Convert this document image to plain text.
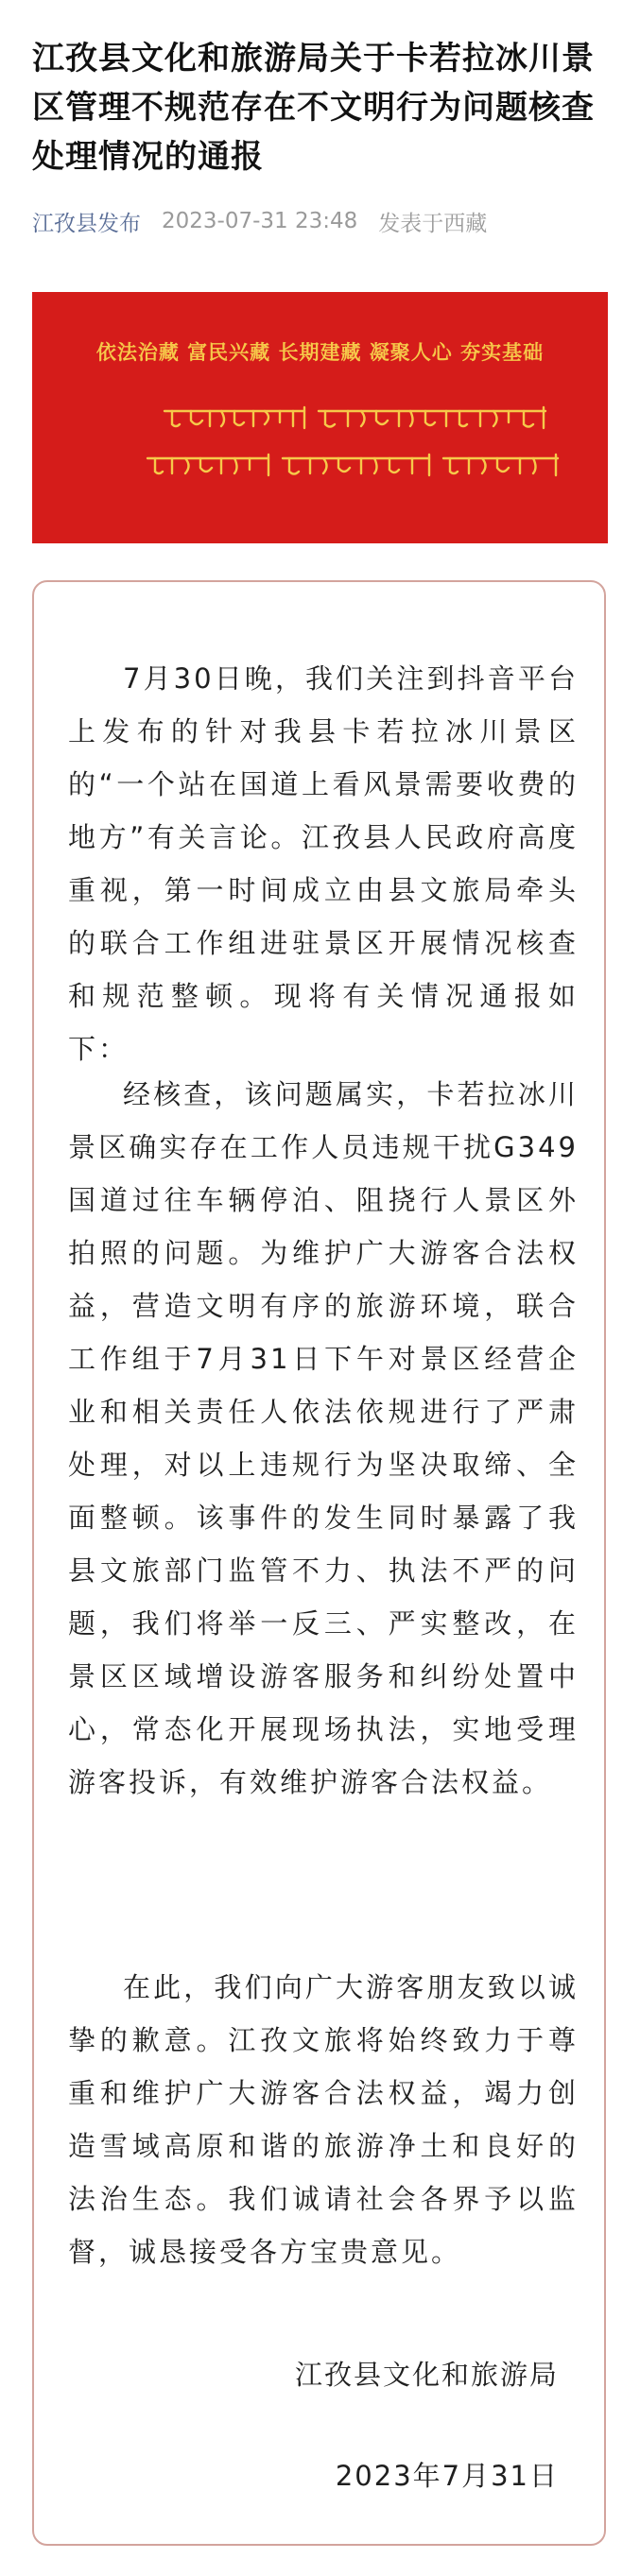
江孜县文化和旅游局关于卡若拉冰川景区管理不规范存在不文明行为问题核查处理情况的通报
江孜县发布 2023-07-31 23:48 发表于西藏
依法治藏 富民兴藏 长期建藏 凝聚人心 夯实基础

7月30日晚，我们关注到抖音平台上发布的针对我县卡若拉冰川景区的“一个站在国道上看风景需要收费的地方”有关言论。江孜县人民政府高度重视，第一时间成立由县文旅局牵头的联合工作组进驻景区开展情况核查和规范整顿。现将有关情况通报如下：

经核查，该问题属实，卡若拉冰川景区确实存在工作人员违规干扰G349国道过往车辆停泊、阻挠行人景区外拍照的问题。为维护广大游客合法权益，营造文明有序的旅游环境，联合工作组于7月31日下午对景区经营企业和相关责任人依法依规进行了严肃处理，对以上违规行为坚决取缔、全面整顿。该事件的发生同时暴露了我县文旅部门监管不力、执法不严的问题，我们将举一反三、严实整改，在景区区域增设游客服务和纠纷处置中心，常态化开展现场执法，实地受理游客投诉，有效维护游客合法权益。

在此，我们向广大游客朋友致以诚挚的歉意。江孜文旅将始终致力于尊重和维护广大游客合法权益，竭力创造雪域高原和谐的旅游净土和良好的法治生态。我们诚请社会各界予以监督，诚恳接受各方宝贵意见。

江孜县文化和旅游局
2023年7月31日
